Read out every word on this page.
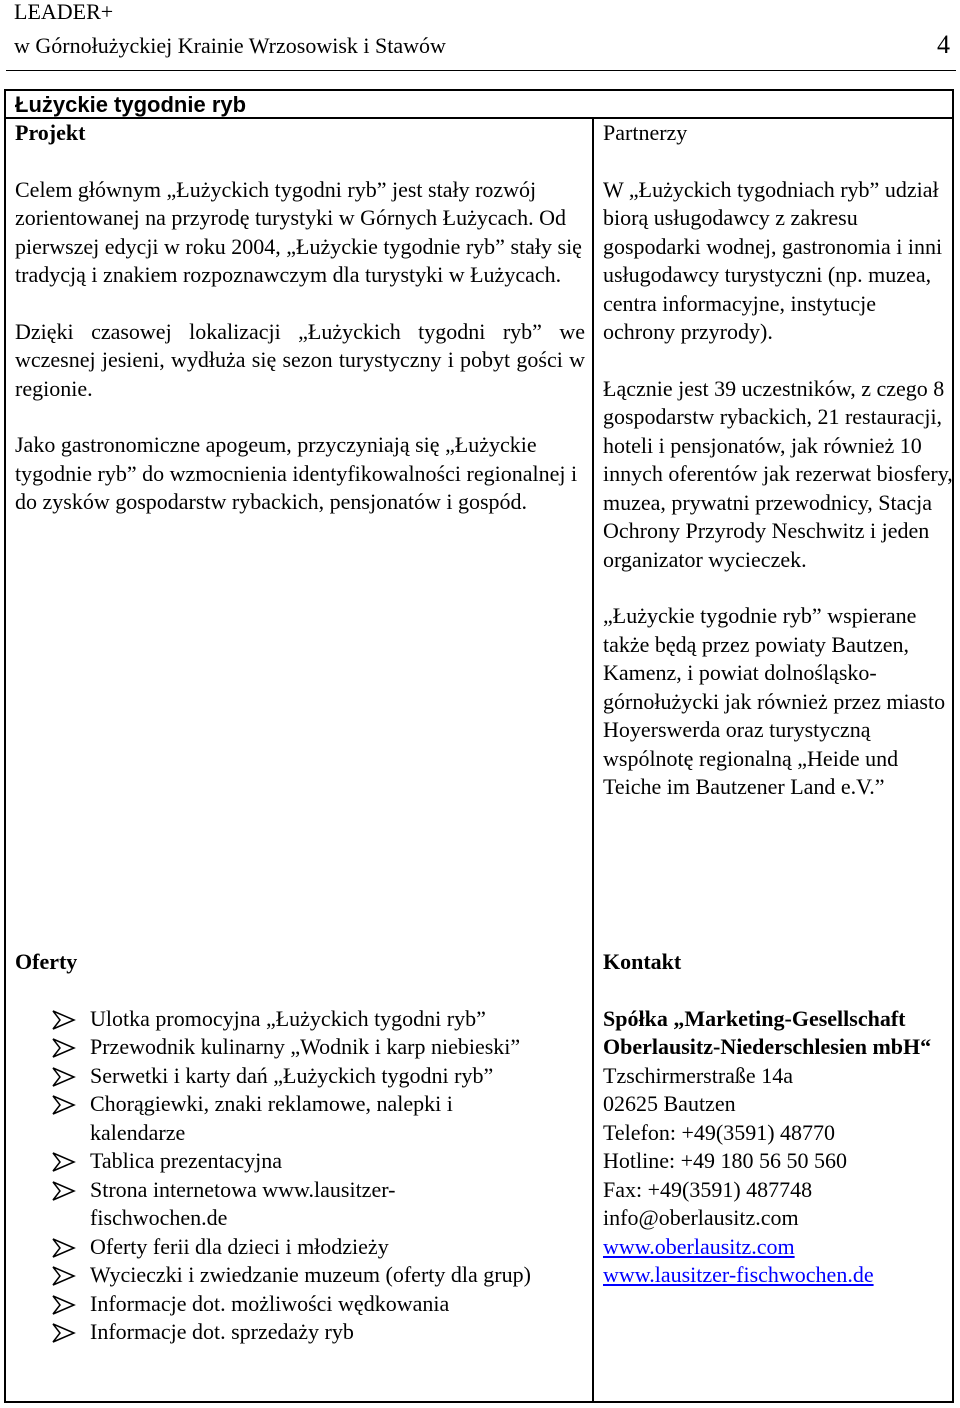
LEADER+
w Górnołużyckiej Krainie Wrzosowisk i Stawów	4
Łużyckie tygodnie ryb

Projekt

Celem głównym „Łużyckich tygodni ryb” jest stały rozwój zorientowanej na przyrodę turystyki w Górnych Łużycach. Od pierwszej edycji w roku 2004, „Łużyckie tygodnie ryb” stały się tradycją i znakiem rozpoznawczym dla turystyki w Łużycach.

Dzięki czasowej lokalizacji „Łużyckich tygodni ryb” we wczesnej jesieni, wydłuża się sezon turystyczny i pobyt gości w regionie.

Jako gastronomiczne apogeum, przyczyniają się „Łużyckie tygodnie ryb” do wzmocnienia identyfikowalności regionalnej i do zysków gospodarstw rybackich, pensjonatów i gospód.

Partnerzy

W „Łużyckich tygodniach ryb” udział biorą usługodawcy z zakresu gospodarki wodnej, gastronomia i inni usługodawcy turystyczni (np. muzea, centra informacyjne, instytucje ochrony przyrody).

Łącznie jest 39 uczestników, z czego 8 gospodarstw rybackich, 21 restauracji, hoteli i pensjonatów, jak również 10 innych oferentów jak rezerwat biosfery, muzea, prywatni przewodnicy, Stacja Ochrony Przyrody Neschwitz i jeden organizator wycieczek.

„Łużyckie tygodnie ryb” wspierane także będą przez powiaty Bautzen, Kamenz, i powiat dolnośląsko-górnołużycki jak również przez miasto Hoyerswerda oraz turystyczną wspólnotę regionalną „Heide und Teiche im Bautzener Land e.V.”

Oferty

Ulotka promocyjna „Łużyckich tygodni ryb”
Przewodnik kulinarny „Wodnik i karp niebieski”
Serwetki i karty dań „Łużyckich tygodni ryb”
Chorągiewki, znaki reklamowe, nalepki i kalendarze
Tablica prezentacyjna
Strona internetowa www.lausitzer-fischwochen.de
Oferty ferii dla dzieci i młodzieży
Wycieczki i zwiedzanie muzeum (oferty dla grup)
Informacje dot. możliwości wędkowania
Informacje dot. sprzedaży ryb

Kontakt

Spółka „Marketing-Gesellschaft Oberlausitz-Niederschlesien mbH“

Tzschirmerstraße 14a

02625 Bautzen

Telefon: +49(3591) 48770

Hotline: +49 180 56 50 560

Fax: +49(3591) 487748

info@oberlausitz.com

www.oberlausitz.com

www.lausitzer-fischwochen.de
